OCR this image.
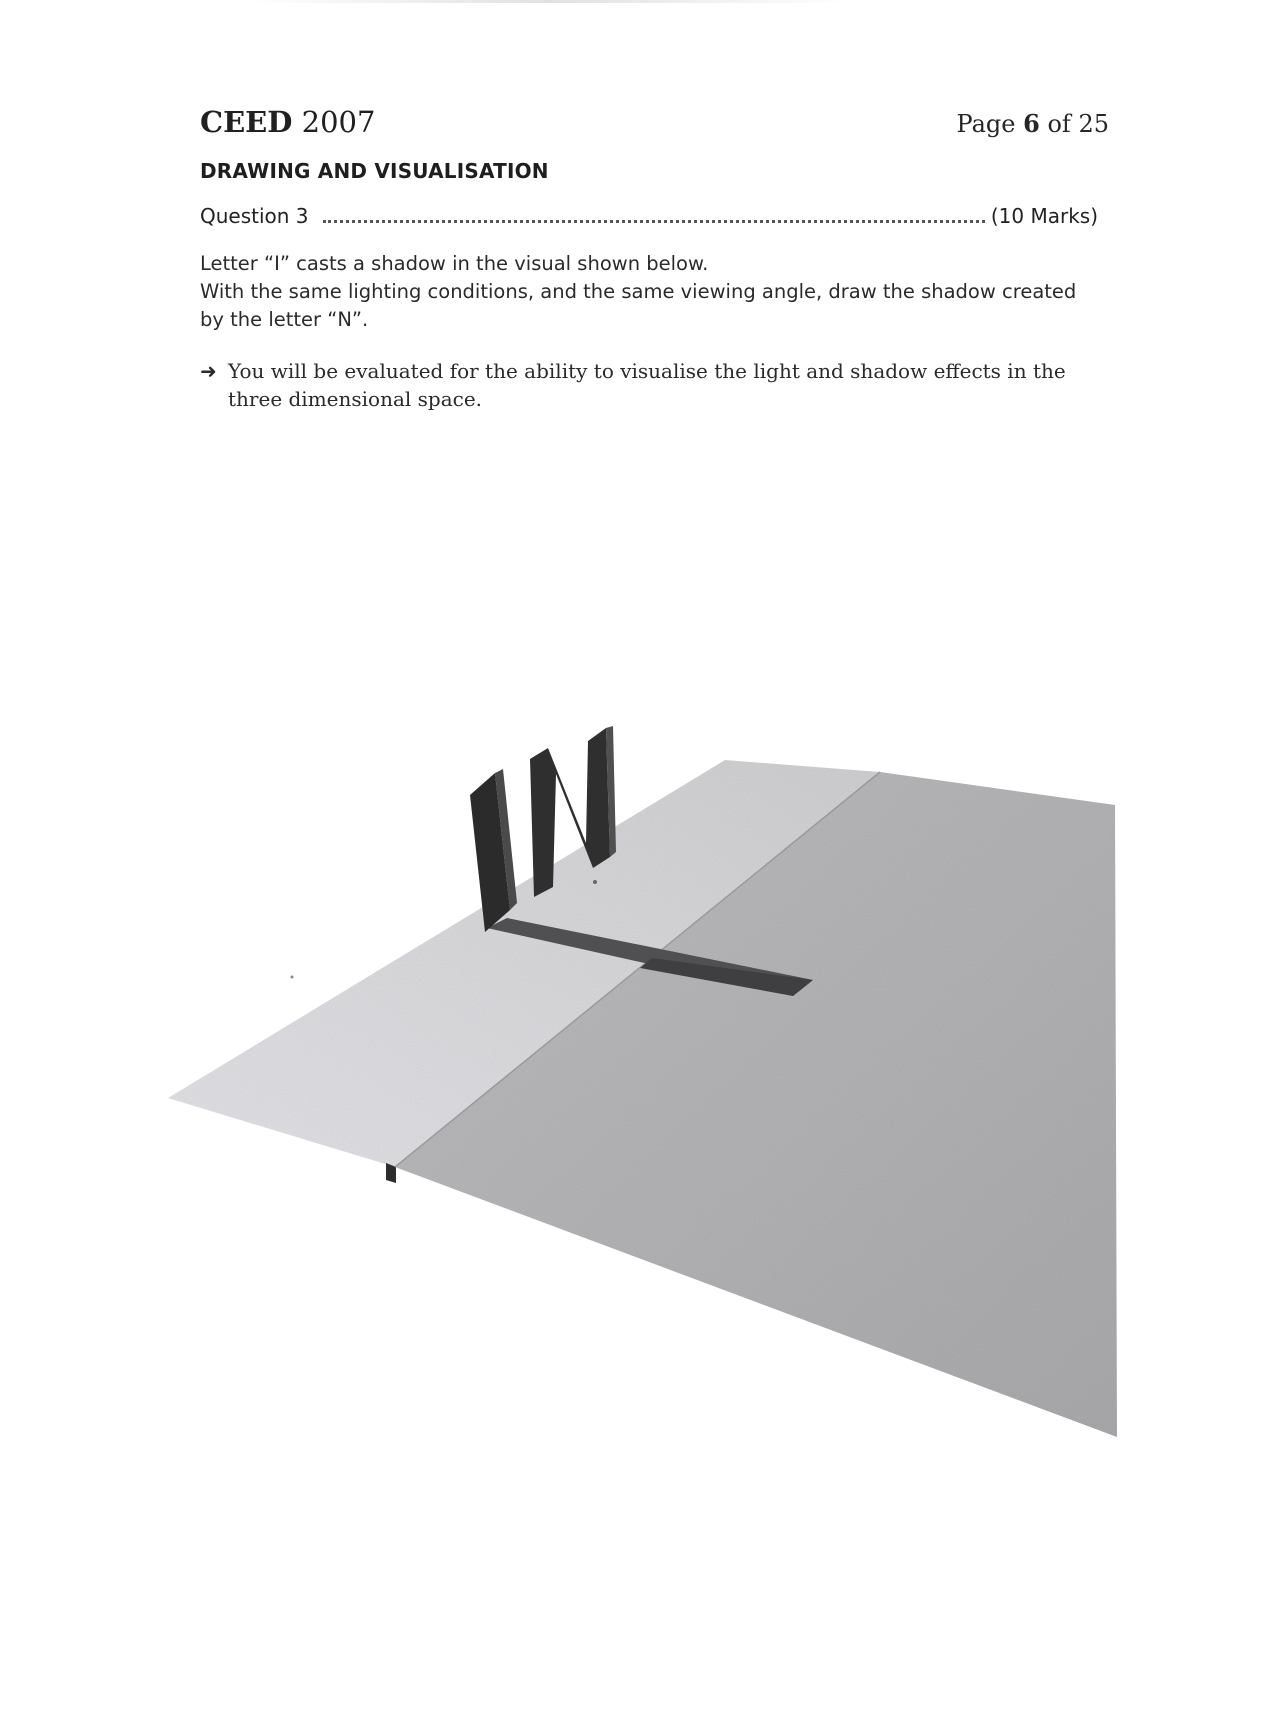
CEED 2007	Page 6 of 25
DRAWING AND VISUALISATION
Question 3	(10 Marks)

Letter “I” casts a shadow in the visual shown below.

With the same lighting conditions, and the same viewing angle, draw the shadow created by the letter “N”.

➜ You will be evaluated for the ability to visualise the light and shadow effects in the
three dimensional space.
